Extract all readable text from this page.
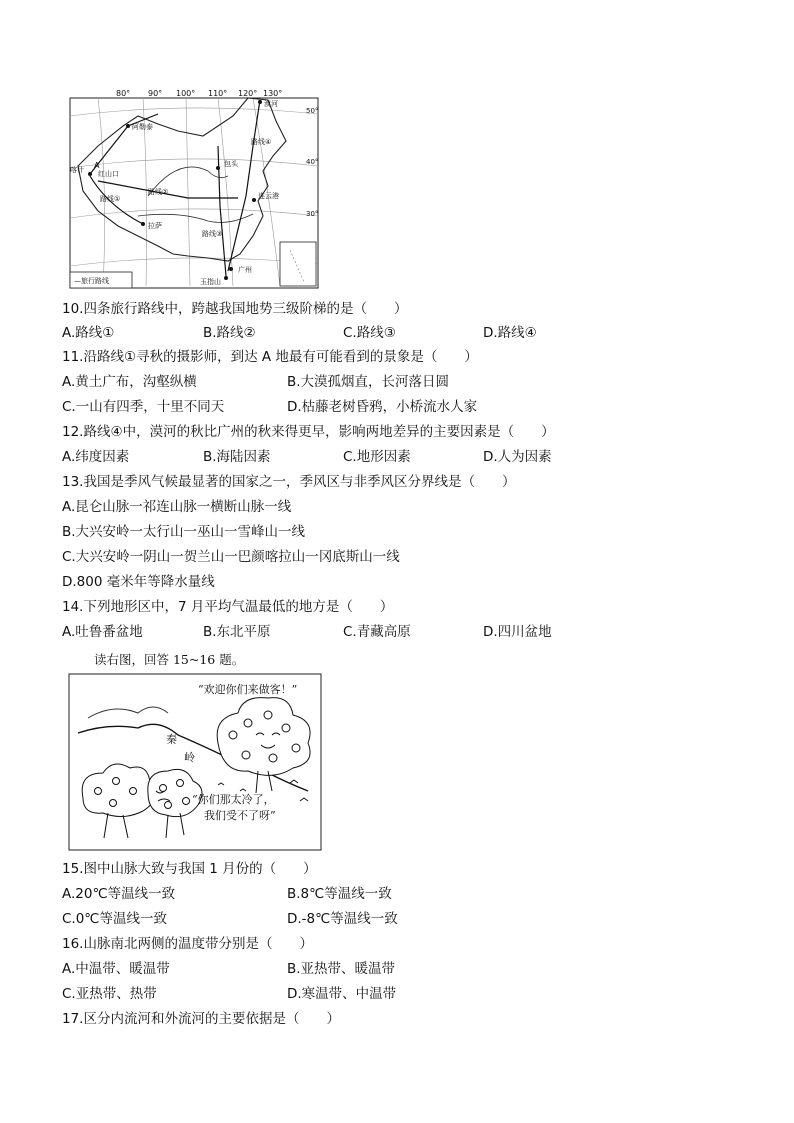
80° 90° 100° 110° 120° 130°
50°
40°
30°
漠河
阿勒泰
喀什
包头
连云港
拉萨
广州
玉指山
A
红山口
路线①
路线②
路线③
路线④
—旅行路线
10.四条旅行路线中，跨越我国地势三级阶梯的是（　　）
A.路线①	B.路线②	C.路线③	D.路线④
11.沿路线①寻秋的摄影师，到达 A 地最有可能看到的景象是（　　）
A.黄土广布，沟壑纵横	B.大漠孤烟直，长河落日圆
C.一山有四季，十里不同天	D.枯藤老树昏鸦，小桥流水人家
12.路线④中，漠河的秋比广州的秋来得更早，影响两地差异的主要因素是（　　）
A.纬度因素	B.海陆因素	C.地形因素	D.人为因素
13.我国是季风气候最显著的国家之一，季风区与非季风区分界线是（　　）
A.昆仑山脉一祁连山脉一横断山脉一线
B.大兴安岭一太行山一巫山一雪峰山一线
C.大兴安岭一阴山一贺兰山一巴颜喀拉山一冈底斯山一线
D.800 毫米年等降水量线
14.下列地形区中，7 月平均气温最低的地方是（　　）
A.吐鲁番盆地	B.东北平原	C.青藏高原	D.四川盆地
读右图，回答 15~16 题。
秦
岭
“欢迎你们来做客！”
“你们那太冷了，
我们受不了呀”
15.图中山脉大致与我国 1 月份的（　　）
A.20℃等温线一致	B.8℃等温线一致
C.0℃等温线一致	D.-8℃等温线一致
16.山脉南北两侧的温度带分别是（　　）
A.中温带、暖温带	B.亚热带、暖温带
C.亚热带、热带	D.寒温带、中温带
17.区分内流河和外流河的主要依据是（　　）
